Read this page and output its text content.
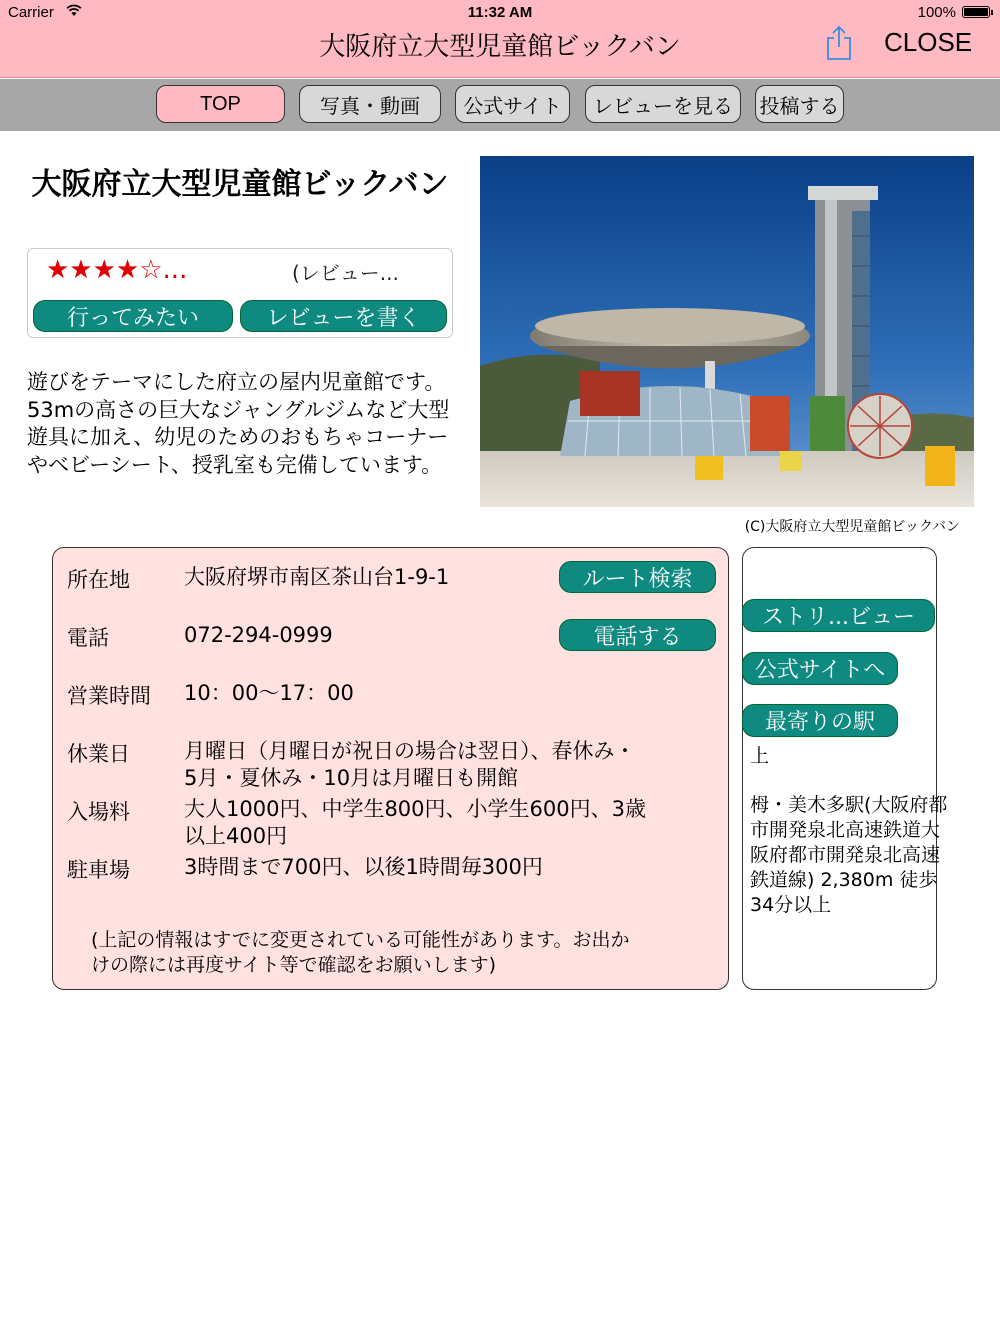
Carrier	11:32 AM	100%
大阪府立大型児童館ビックバン	CLOSE
TOP	写真・動画	公式サイト	レビューを見る	投稿する
大阪府立大型児童館ビックバン
★★★★☆...	(レビュー...
行ってみたい	レビューを書く
遊びをテーマにした府立の屋内児童館です。53mの高さの巨大なジャングルジムなど大型遊具に加え、幼児のためのおもちゃコーナーやベビーシート、授乳室も完備しています。
(C)大阪府立大型児童館ビックバン
所在地	大阪府堺市南区茶山台1-9-1	ルート検索
電話	072-294-0999	電話する
営業時間 10：00～17：00
休業日	月曜日（月曜日が祝日の場合は翌日）、春休み・
5月・夏休み・10月は月曜日も開館
入場料	大人1000円、中学生800円、小学生600円、3歳
以上400円
駐車場	3時間まで700円、以後1時間毎300円
(上記の情報はすでに変更されている可能性があります。お出か
けの際には再度サイト等で確認をお願いします)
ストリ...ビュー
公式サイトへ
最寄りの駅
上
栂・美木多駅(大阪府都
市開発泉北高速鉄道大
阪府都市開発泉北高速
鉄道線) 2,380m 徒歩
34分以上
